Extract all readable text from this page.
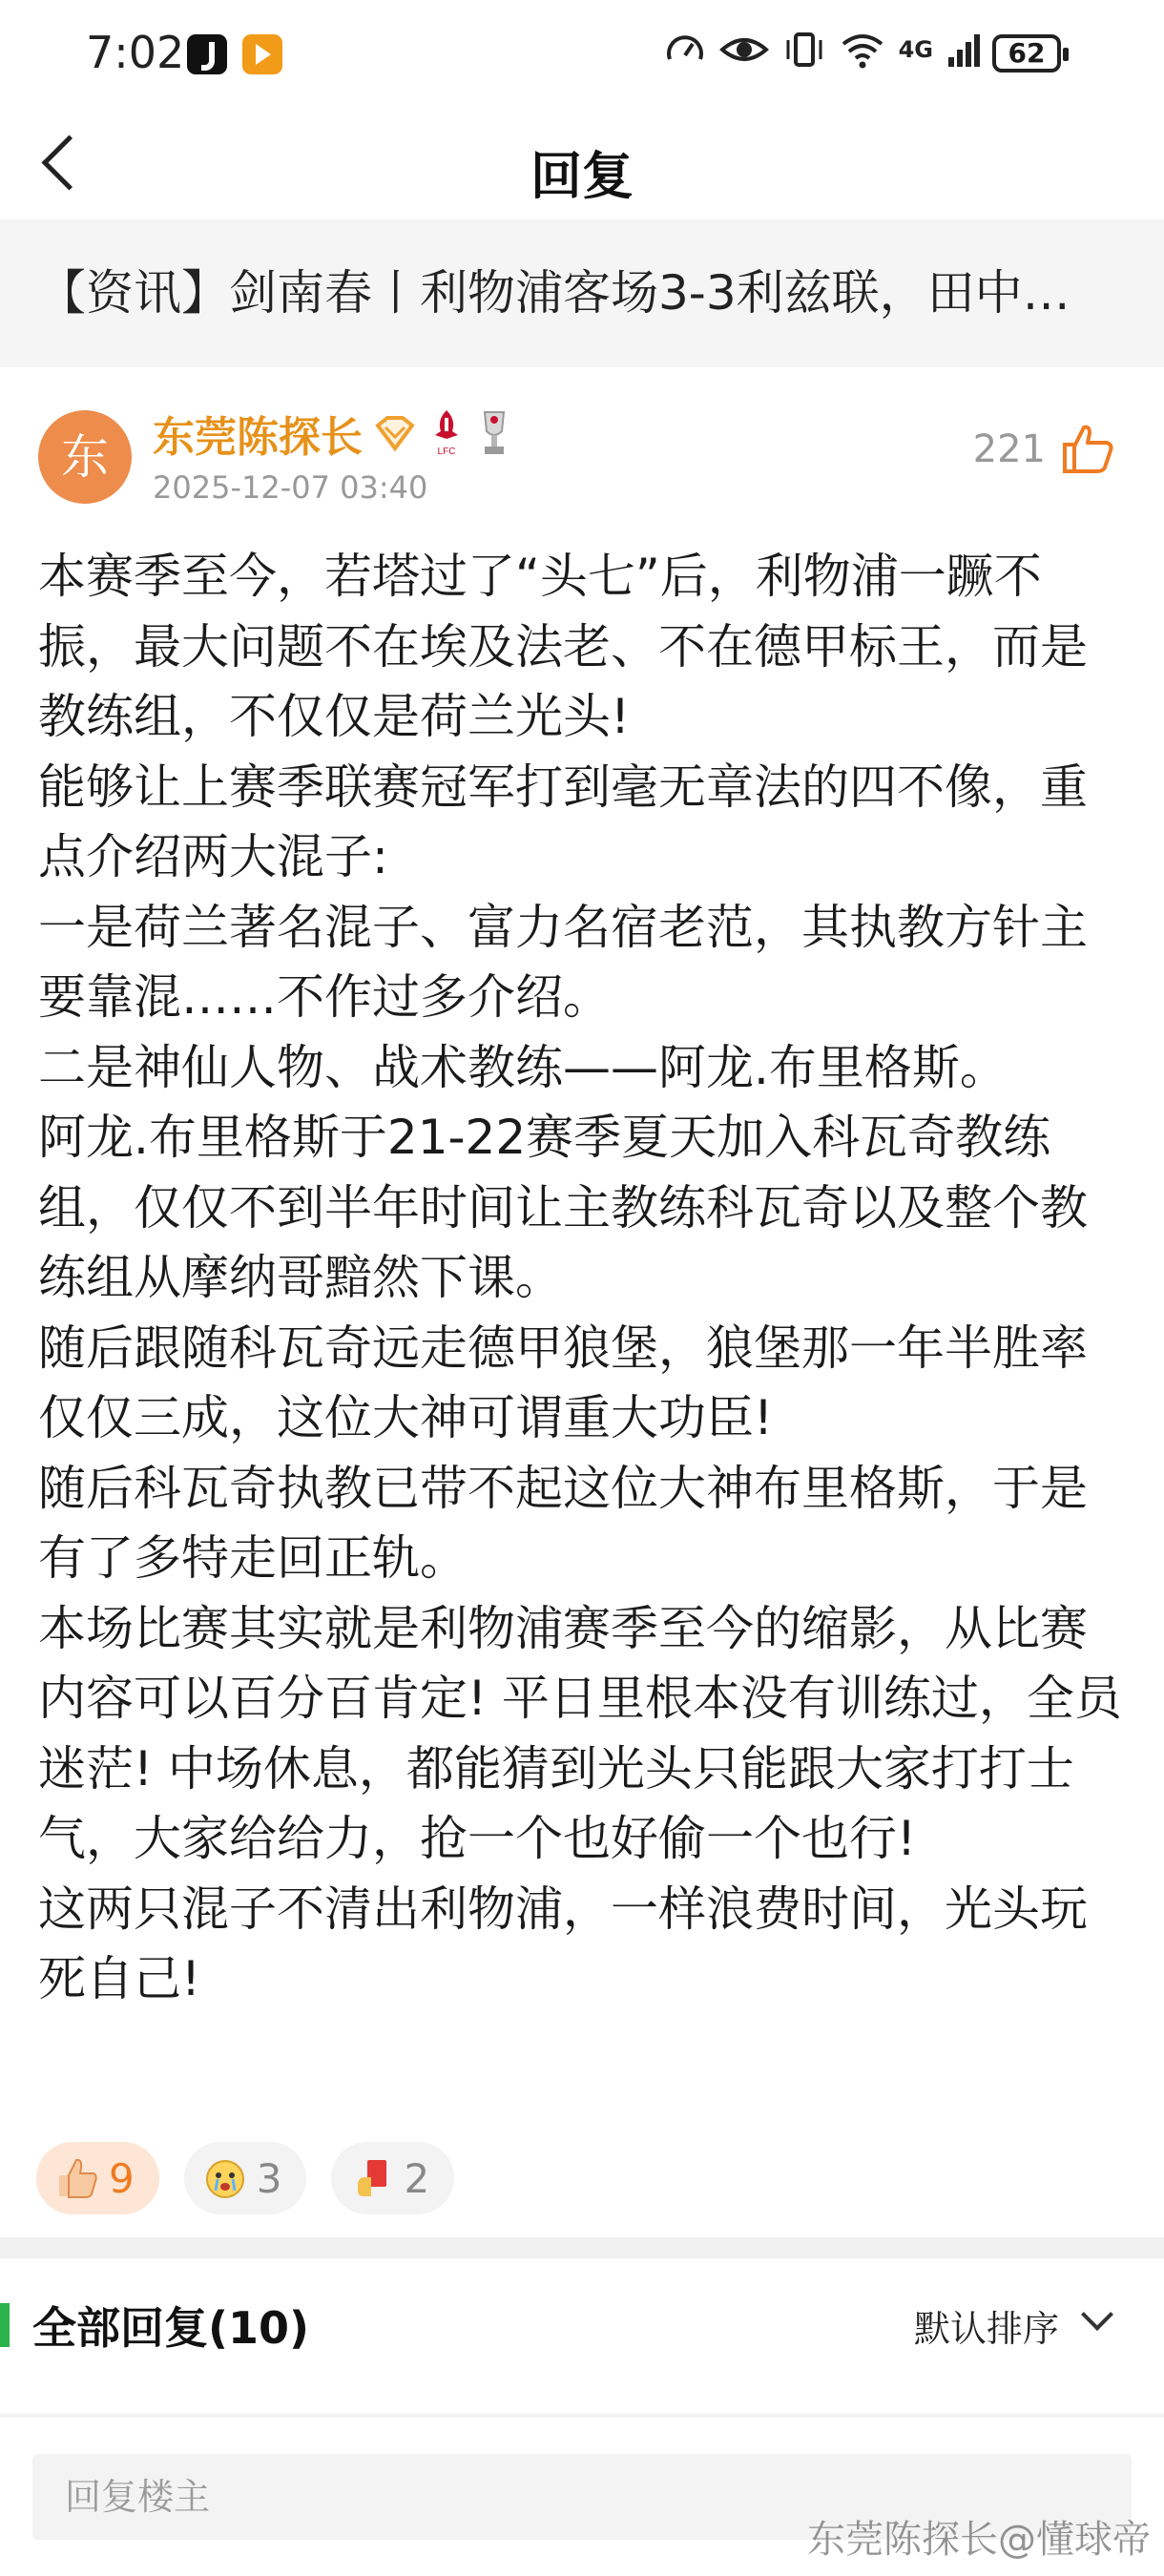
7:02	4G	62
回复
【资讯】剑南春丨利物浦客场3-3利兹联，田中…
东	东莞陈探长	LFC
2025-12-07 03:40
221

本赛季至今，若塔过了“头七”后，利物浦一蹶不振，最大问题不在埃及法老、不在德甲标王，而是教练组，不仅仅是荷兰光头!

能够让上赛季联赛冠军打到毫无章法的四不像，重点介绍两大混子:

一是荷兰著名混子、富力名宿老范，其执教方针主要靠混……不作过多介绍。

二是神仙人物、战术教练——阿龙.布里格斯。

阿龙.布里格斯于21-22赛季夏天加入科瓦奇教练组，仅仅不到半年时间让主教练科瓦奇以及整个教练组从摩纳哥黯然下课。

随后跟随科瓦奇远走德甲狼堡，狼堡那一年半胜率仅仅三成，这位大神可谓重大功臣!

随后科瓦奇执教已带不起这位大神布里格斯，于是有了多特走回正轨。

本场比赛其实就是利物浦赛季至今的缩影，从比赛内容可以百分百肯定! 平日里根本没有训练过，全员迷茫! 中场休息，都能猜到光头只能跟大家打打士气，大家给给力，抢一个也好偷一个也行!

这两只混子不清出利物浦，一样浪费时间，光头玩死自己!

9	3	2
全部回复(10)	默认排序
回复楼主
东莞陈探长@懂球帝
